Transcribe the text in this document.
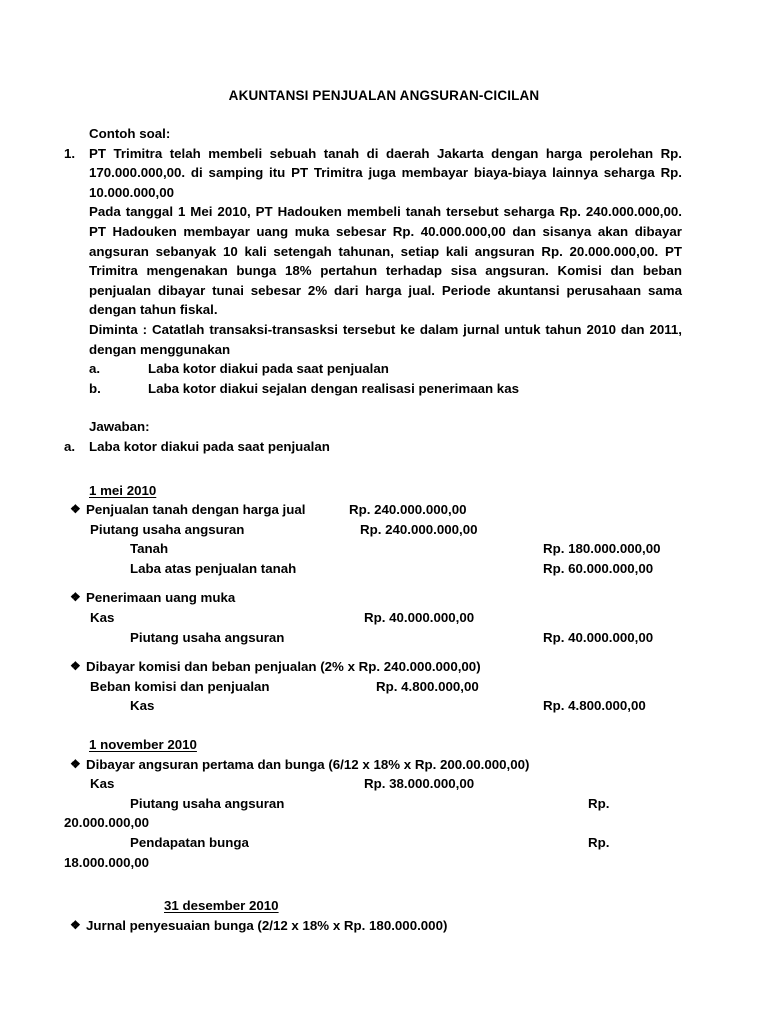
AKUNTANSI PENJUALAN ANGSURAN-CICILAN
Contoh soal:
1. PT Trimitra telah membeli sebuah tanah di daerah Jakarta dengan harga perolehan Rp. 170.000.000,00. di samping itu PT Trimitra juga membayar biaya-biaya lainnya seharga Rp. 10.000.000,00
Pada tanggal 1 Mei 2010, PT Hadouken membeli tanah tersebut seharga Rp. 240.000.000,00. PT Hadouken membayar uang muka sebesar Rp. 40.000.000,00 dan sisanya akan dibayar angsuran sebanyak 10 kali setengah tahunan, setiap kali angsuran Rp. 20.000.000,00. PT Trimitra mengenakan bunga 18% pertahun terhadap sisa angsuran. Komisi dan beban penjualan dibayar tunai sebesar 2% dari harga jual. Periode akuntansi perusahaan sama dengan tahun fiskal.
Diminta : Catatlah transaksi-transasksi tersebut ke dalam jurnal untuk tahun 2010 dan 2011, dengan menggunakan
a.	Laba kotor diakui pada saat penjualan
b.	Laba kotor diakui sejalan dengan realisasi penerimaan kas
Jawaban:
a. Laba kotor diakui pada saat penjualan
1 mei 2010
❖ Penjualan tanah dengan harga jual	Rp. 240.000.000,00
Piutang usaha angsuran	Rp. 240.000.000,00
Tanah	Rp. 180.000.000,00
Laba atas penjualan tanah	Rp. 60.000.000,00
❖ Penerimaan uang muka
Kas	Rp. 40.000.000,00
Piutang usaha angsuran	Rp. 40.000.000,00
❖ Dibayar komisi dan beban penjualan (2% x Rp. 240.000.000,00)
Beban komisi dan penjualan	Rp. 4.800.000,00
Kas	Rp. 4.800.000,00
1 november 2010
❖ Dibayar angsuran pertama dan bunga (6/12 x 18% x Rp. 200.00.000,00)
Kas	Rp. 38.000.000,00
Piutang usaha angsuran	Rp.
20.000.000,00
Pendapatan bunga	Rp.
18.000.000,00
31 desember 2010
❖ Jurnal penyesuaian bunga (2/12 x 18% x Rp. 180.000.000)
